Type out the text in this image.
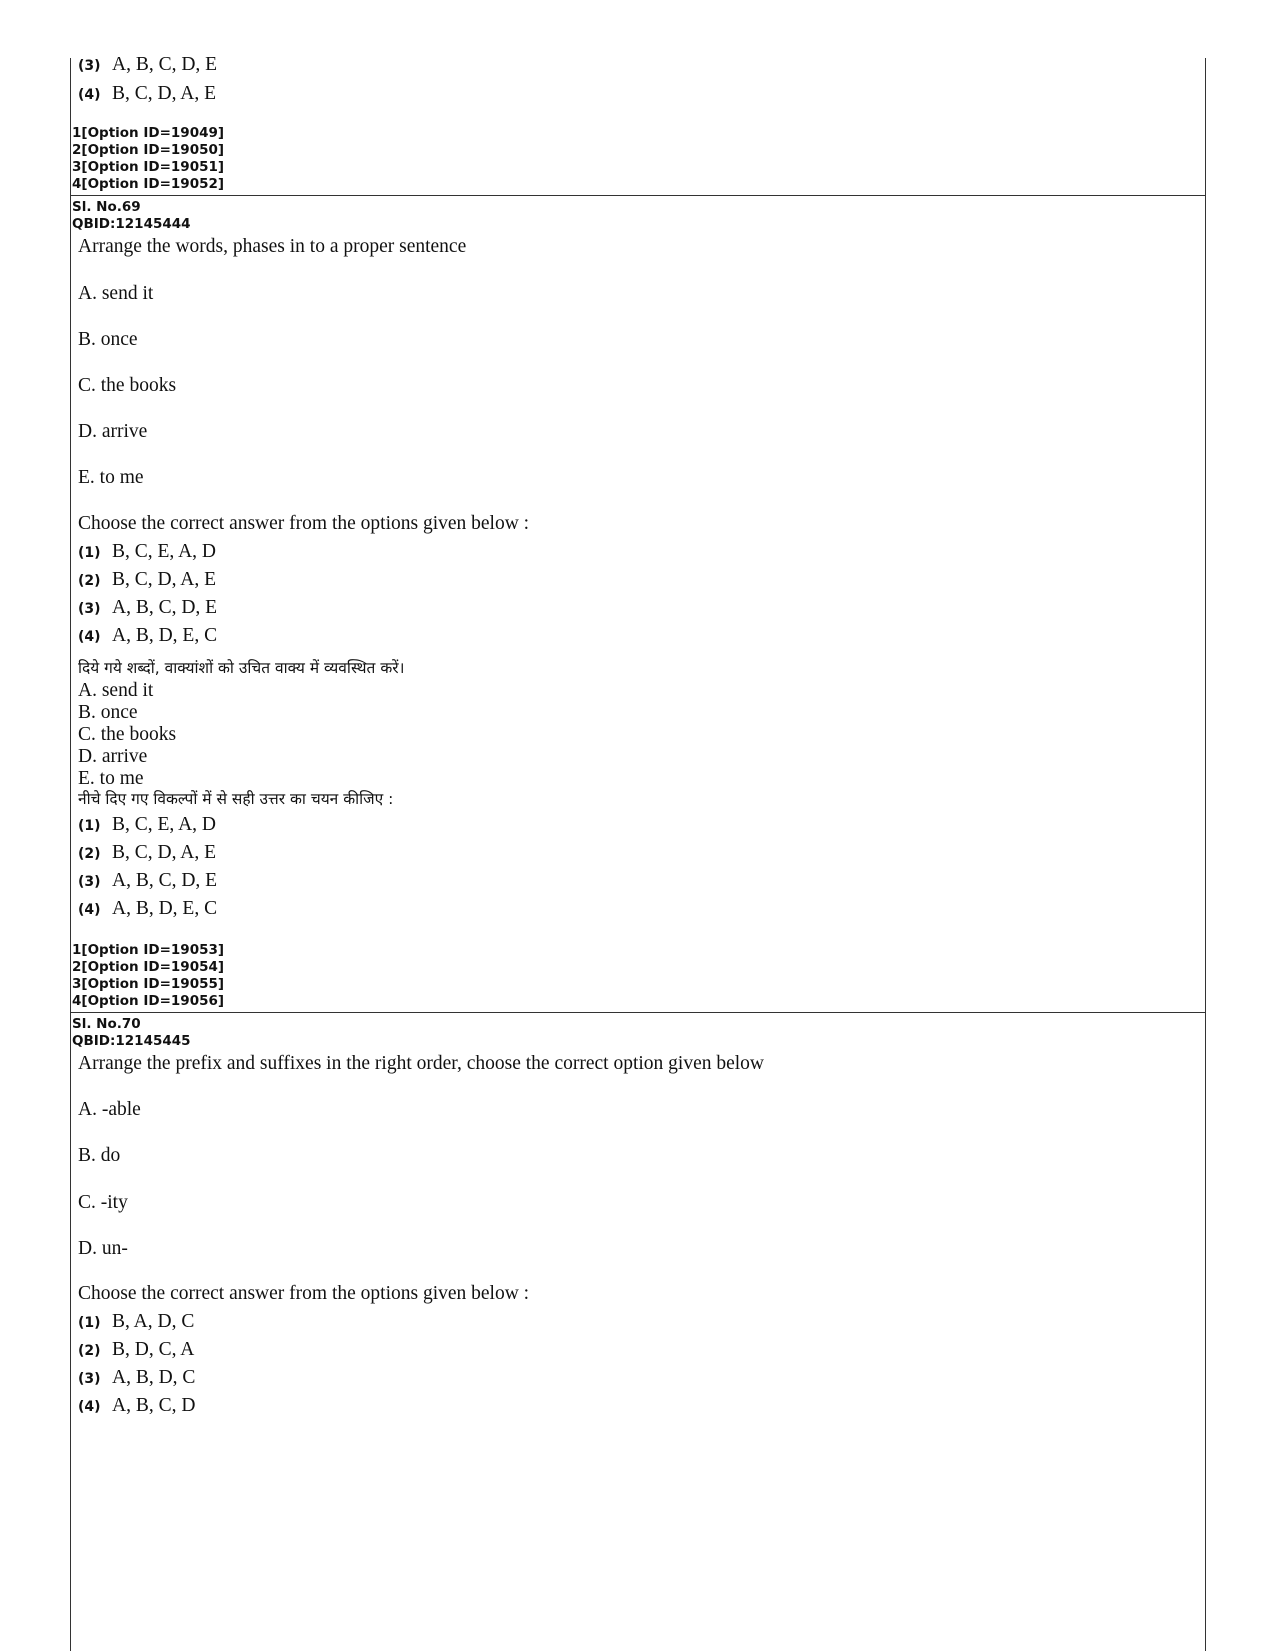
(3) A, B, C, D, E
(4) B, C, D, A, E
1[Option ID=19049]
2[Option ID=19050]
3[Option ID=19051]
4[Option ID=19052]
Sl. No.69
QBID:12145444
Arrange the words, phases in to a proper sentence
A. send it
B. once
C. the books
D. arrive
E. to me
Choose the correct answer from the options given below :
(1) B, C, E, A, D
(2) B, C, D, A, E
(3) A, B, C, D, E
(4) A, B, D, E, C
दिये गये शब्दों, वाक्यांशों को उचित वाक्य में व्यवस्थित करें।
A. send it
B. once
C. the books
D. arrive
E. to me
नीचे दिए गए विकल्पों में से सही उत्तर का चयन कीजिए :
(1) B, C, E, A, D
(2) B, C, D, A, E
(3) A, B, C, D, E
(4) A, B, D, E, C
1[Option ID=19053]
2[Option ID=19054]
3[Option ID=19055]
4[Option ID=19056]
Sl. No.70
QBID:12145445
Arrange the prefix and suffixes in the right order, choose the correct option given below
A. -able
B. do
C. -ity
D. un-
Choose the correct answer from the options given below :
(1) B, A, D, C
(2) B, D, C, A
(3) A, B, D, C
(4) A, B, C, D
